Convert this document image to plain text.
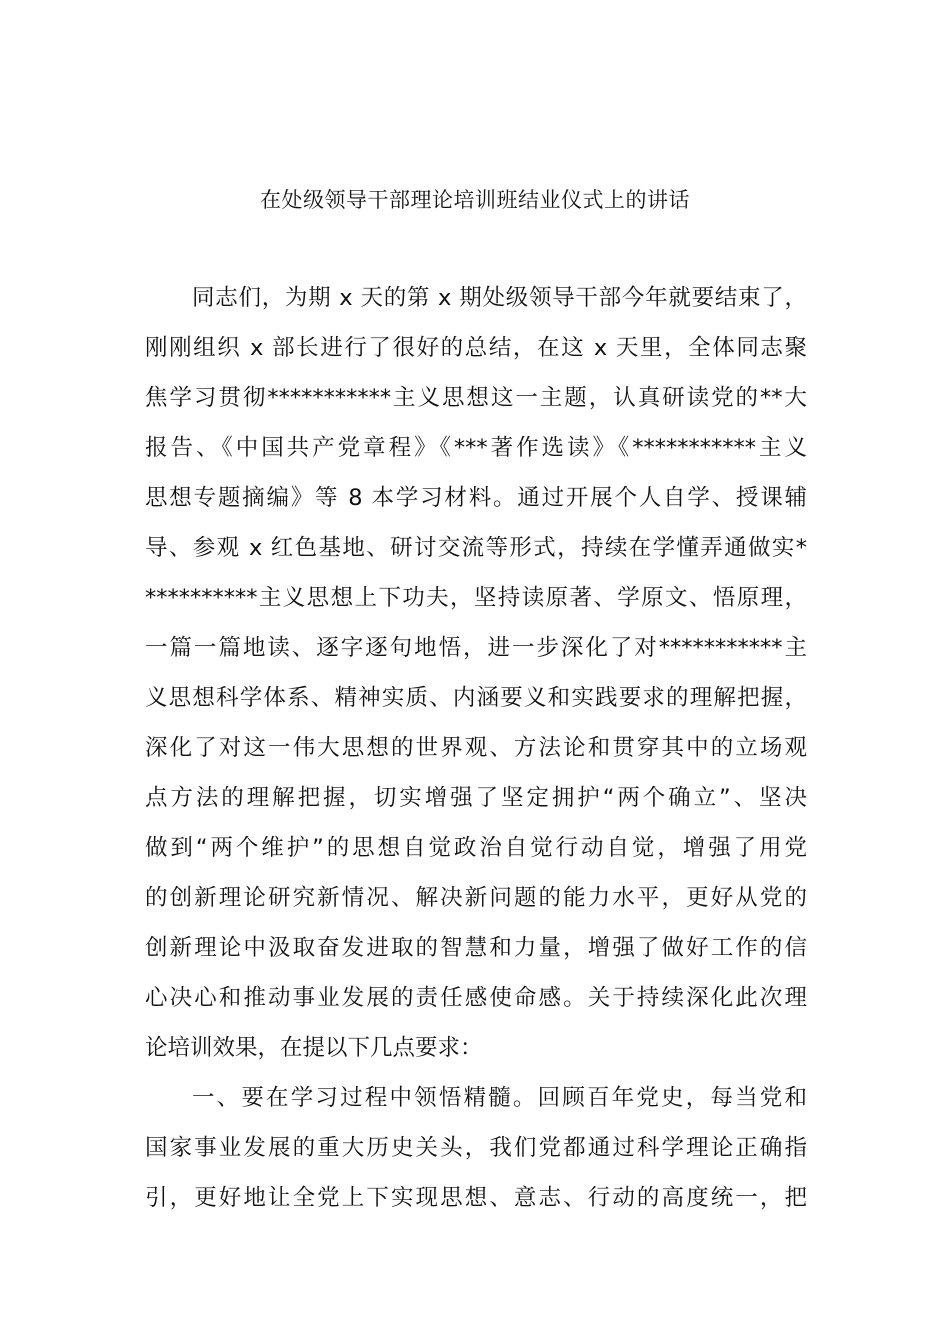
在处级领导干部理论培训班结业仪式上的讲话

同志们，为期 x 天的第 x 期处级领导干部今年就要结束了，

刚刚组织 x 部长进行了很好的总结，在这 x 天里，全体同志聚

焦学习贯彻***********主义思想这一主题，认真研读党的**大

报告、《中国共产党章程》《***著作选读》《***********主义

思想专题摘编》等 8 本学习材料。通过开展个人自学、授课辅

导、参观 x 红色基地、研讨交流等形式，持续在学懂弄通做实*

**********主义思想上下功夫，坚持读原著、学原文、悟原理，

一篇一篇地读、逐字逐句地悟，进一步深化了对***********主

义思想科学体系、精神实质、内涵要义和实践要求的理解把握，

深化了对这一伟大思想的世界观、方法论和贯穿其中的立场观

点方法的理解把握，切实增强了坚定拥护“两个确立”、坚决

做到“两个维护”的思想自觉政治自觉行动自觉，增强了用党

的创新理论研究新情况、解决新问题的能力水平，更好从党的

创新理论中汲取奋发进取的智慧和力量，增强了做好工作的信

心决心和推动事业发展的责任感使命感。关于持续深化此次理

论培训效果，在提以下几点要求：

一、要在学习过程中领悟精髓。回顾百年党史，每当党和

国家事业发展的重大历史关头，我们党都通过科学理论正确指

引，更好地让全党上下实现思想、意志、行动的高度统一，把
